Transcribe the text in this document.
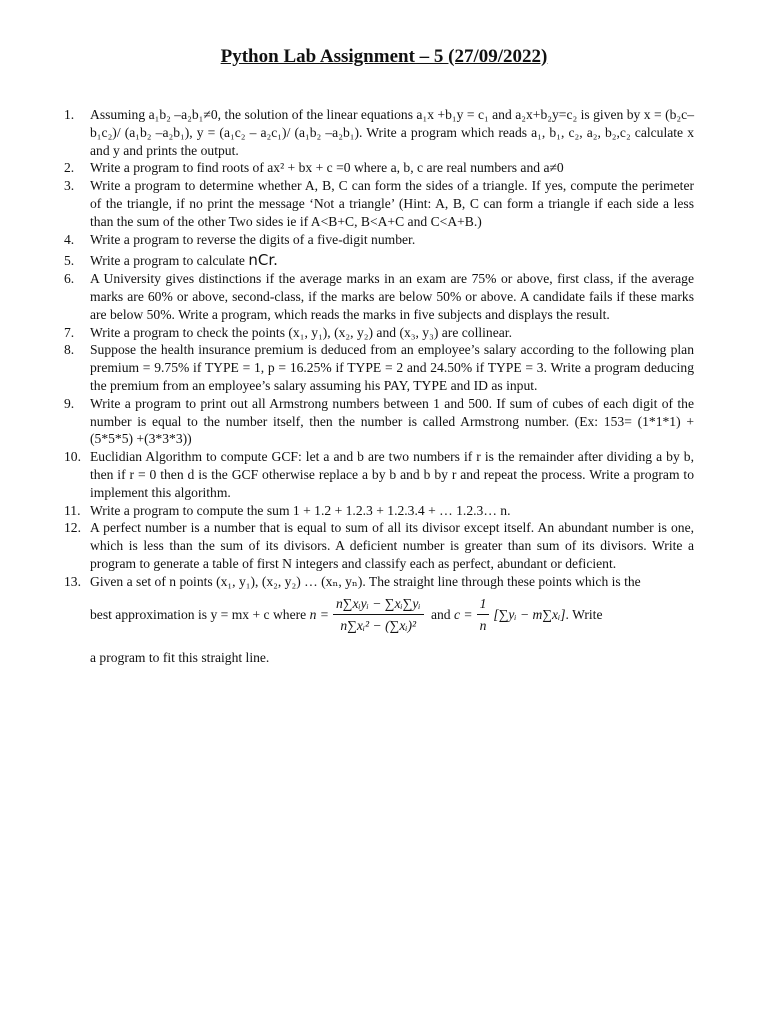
Python Lab Assignment – 5 (27/09/2022)
1.	Assuming a₁b₂ –a₂b₁≠0, the solution of the linear equations a₁x +b₁y = c₁ and a₂x+b₂y=c₂ is given by x = (b₂c– b₁c₂)/ (a₁b₂ –a₂b₁), y = (a₁c₂ – a₂c₁)/ (a₁b₂ –a₂b₁). Write a program which reads a₁, b₁, c₂, a₂, b₂,c₂ calculate x and y and prints the output.
2.	Write a program to find roots of ax² + bx + c =0 where a, b, c are real numbers and a≠0
3.	Write a program to determine whether A, B, C can form the sides of a triangle. If yes, compute the perimeter of the triangle, if no print the message ‘Not a triangle’ (Hint: A, B, C can form a triangle if each side a less than the sum of the other Two sides ie if A<B+C, B<A+C and C<A+B.)
4.	Write a program to reverse the digits of a five-digit number.
5.	Write a program to calculate nCr.
6.	A University gives distinctions if the average marks in an exam are 75% or above, first class, if the average marks are 60% or above, second-class, if the marks are below 50% or above. A candidate fails if these marks are below 50%. Write a program, which reads the marks in five subjects and displays the result.
7.	Write a program to check the points (x₁, y₁), (x₂, y₂) and (x₃, y₃) are collinear.
8.	Suppose the health insurance premium is deduced from an employee’s salary according to the following plan premium = 9.75% if TYPE = 1, p = 16.25% if TYPE = 2 and 24.50% if TYPE = 3. Write a program deducing the premium from an employee’s salary assuming his PAY, TYPE and ID as input.
9.	Write a program to print out all Armstrong numbers between 1 and 500. If sum of cubes of each digit of the number is equal to the number itself, then the number is called Armstrong number. (Ex: 153= (1*1*1) +(5*5*5) +(3*3*3))
10. Euclidian Algorithm to compute GCF: let a and b are two numbers if r is the remainder after dividing a by b, then if r = 0 then d is the GCF otherwise replace a by b and b by r and repeat the process. Write a program to implement this algorithm.
11. Write a program to compute the sum 1 + 1.2 + 1.2.3 + 1.2.3.4 + … 1.2.3… n.
12. A perfect number is a number that is equal to sum of all its divisor except itself. An abundant number is one, which is less than the sum of its divisors. A deficient number is greater than sum of its divisors. Write a program to generate a table of first N integers and classify each as perfect, abundant or deficient.
13. Given a set of n points (x₁, y₁), (x₂, y₂) … (xₙ, yₙ). The straight line through these points which is the
best approximation is y = mx + c where
$n = \frac{\text{n∑xᵢyᵢ − ∑xᵢ∑yᵢ}}{\text{n∑xᵢ² − (∑xᵢ)²}}$
and
$c = \frac{1}{n}$ [∑yᵢ − m∑xᵢ] . Write
a program to fit this straight line.
